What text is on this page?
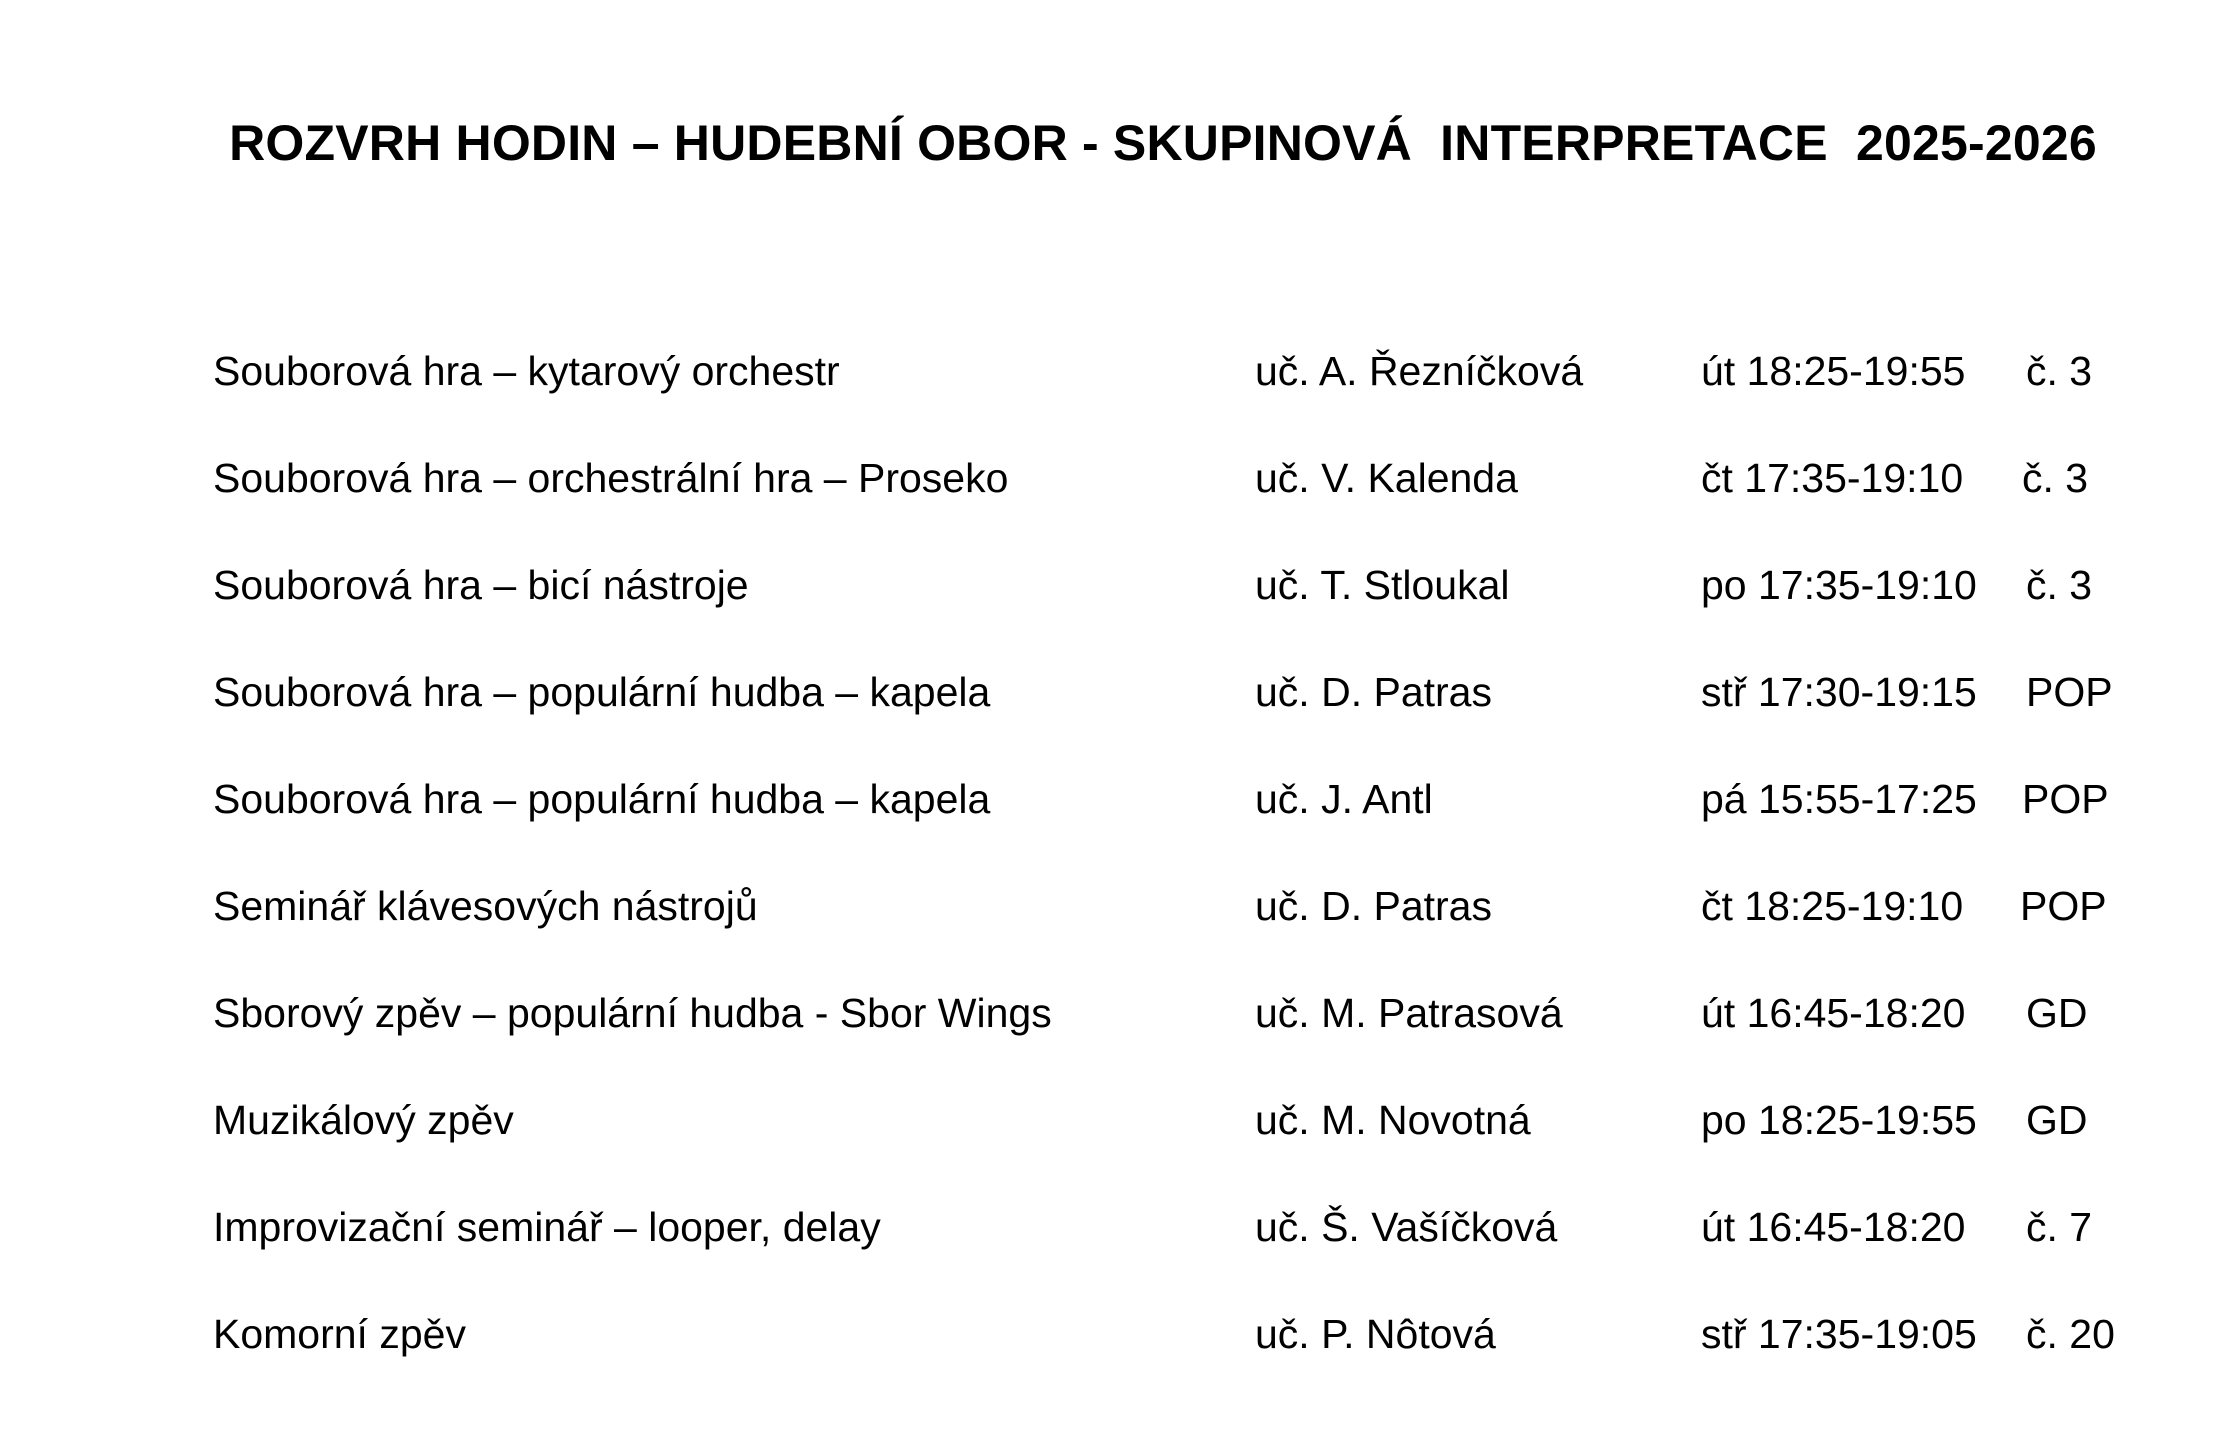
ROZVRH HODIN – HUDEBNÍ OBOR - SKUPINOVÁ  INTERPRETACE  2025-2026
Souborová hra – kytarový orchestr	uč. A. Řezníčková	út 18:25-19:55 č. 3
Souborová hra – orchestrální hra – Proseko	uč. V. Kalenda	čt 17:35-19:10 č. 3
Souborová hra – bicí nástroje	uč. T. Stloukal	po 17:35-19:10 č. 3
Souborová hra – populární hudba – kapela	uč. D. Patras	stř 17:30-19:15 POP
Souborová hra – populární hudba – kapela	uč. J. Antl	pá 15:55-17:25 POP
Seminář klávesových nástrojů	uč. D. Patras	čt 18:25-19:10 POP
Sborový zpěv – populární hudba - Sbor Wings	uč. M. Patrasová	út 16:45-18:20 GD
Muzikálový zpěv	uč. M. Novotná	po 18:25-19:55 GD
Improvizační seminář – looper, delay	uč. Š. Vašíčková	út 16:45-18:20 č. 7
Komorní zpěv	uč. P. Nôtová	stř 17:35-19:05 č. 20
